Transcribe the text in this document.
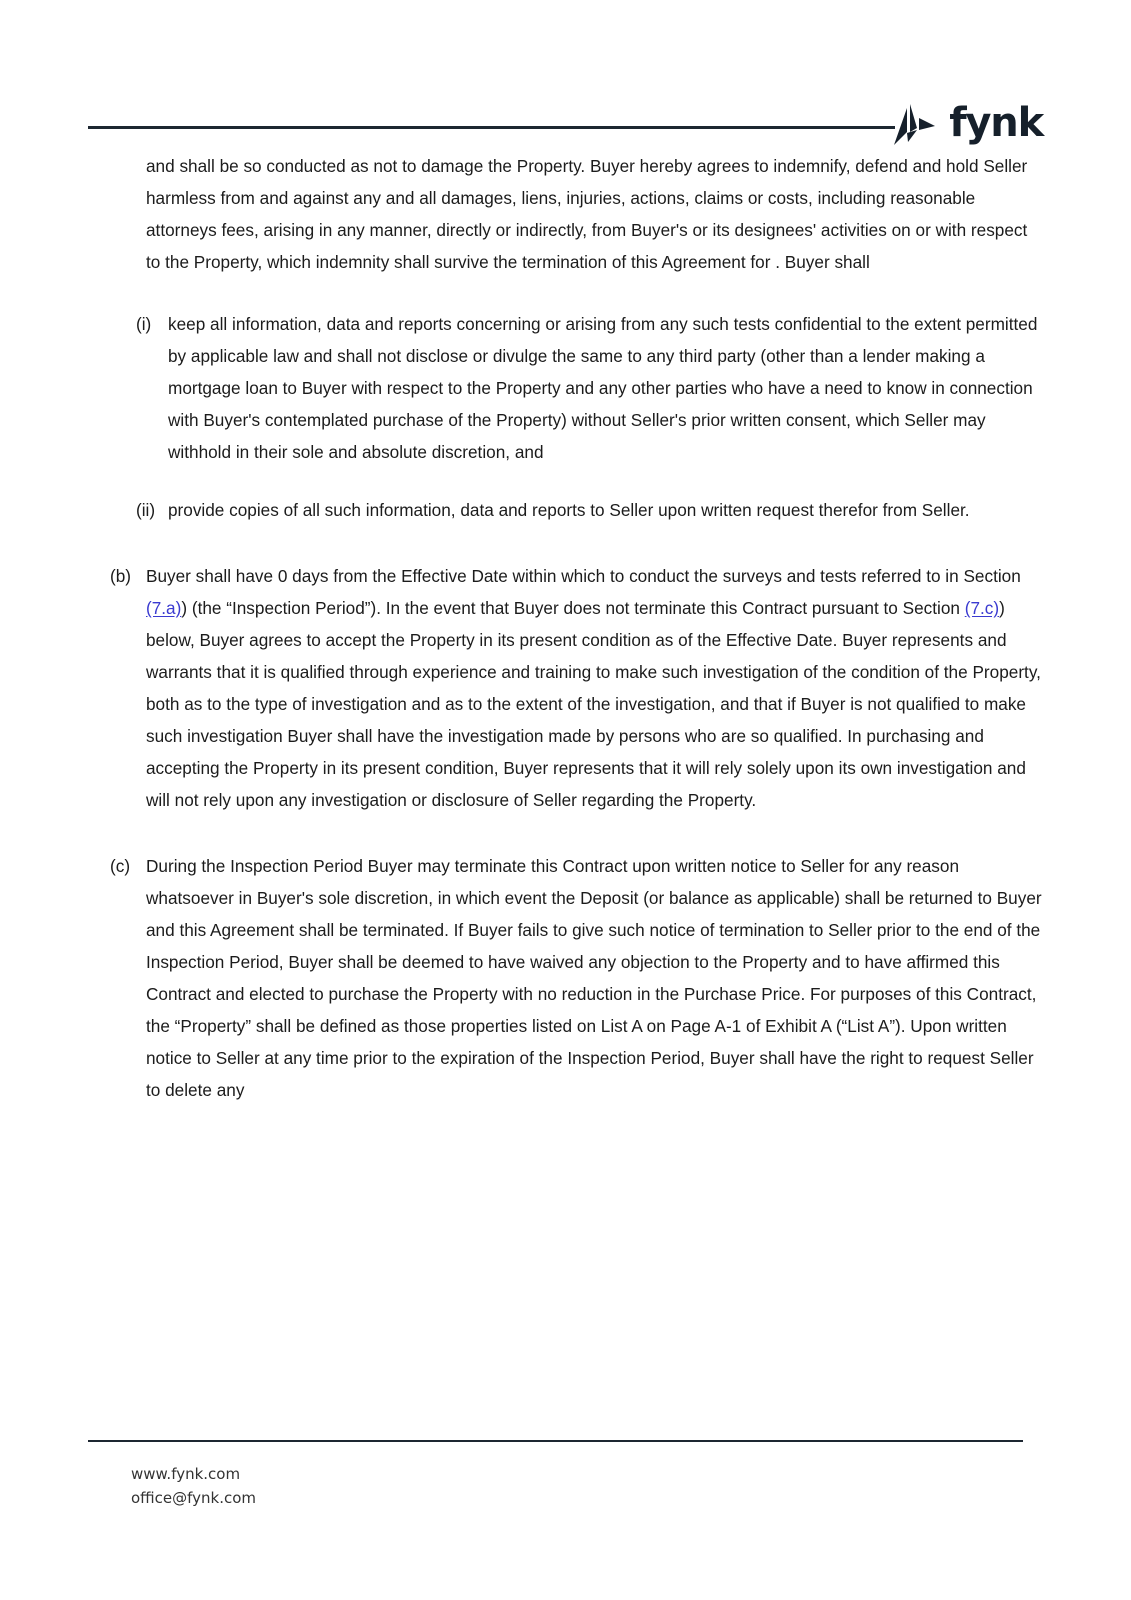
fynk

and shall be so conducted as not to damage the Property. Buyer hereby agrees to indemnify, defend and hold Seller harmless from and against any and all damages, liens, injuries, actions, claims or costs, including reasonable attorneys fees, arising in any manner, directly or indirectly, from Buyer's or its designees' activities on or with respect to the Property, which indemnity shall survive the termination of this Agreement for . Buyer shall

(i) keep all information, data and reports concerning or arising from any such tests confidential to the extent permitted by applicable law and shall not disclose or divulge the same to any third party (other than a lender making a mortgage loan to Buyer with respect to the Property and any other parties who have a need to know in connection with Buyer's contemplated purchase of the Property) without Seller's prior written consent, which Seller may withhold in their sole and absolute discretion, and
(ii) provide copies of all such information, data and reports to Seller upon written request therefor from Seller.
(b) Buyer shall have 0 days from the Effective Date within which to conduct the surveys and tests referred to in Section (7.a)) (the “Inspection Period”). In the event that Buyer does not terminate this Contract pursuant to Section (7.c)) below, Buyer agrees to accept the Property in its present condition as of the Effective Date. Buyer represents and warrants that it is qualified through experience and training to make such investigation of the condition of the Property, both as to the type of investigation and as to the extent of the investigation, and that if Buyer is not qualified to make such investigation Buyer shall have the investigation made by persons who are so qualified. In purchasing and accepting the Property in its present condition, Buyer represents that it will rely solely upon its own investigation and will not rely upon any investigation or disclosure of Seller regarding the Property.
(c) During the Inspection Period Buyer may terminate this Contract upon written notice to Seller for any reason whatsoever in Buyer's sole discretion, in which event the Deposit (or balance as applicable) shall be returned to Buyer and this Agreement shall be terminated. If Buyer fails to give such notice of termination to Seller prior to the end of the Inspection Period, Buyer shall be deemed to have waived any objection to the Property and to have affirmed this Contract and elected to purchase the Property with no reduction in the Purchase Price. For purposes of this Contract, the “Property” shall be defined as those properties listed on List A on Page A-1 of Exhibit A (“List A”). Upon written notice to Seller at any time prior to the expiration of the Inspection Period, Buyer shall have the right to request Seller to delete any
www.fynk.com
office@fynk.com
